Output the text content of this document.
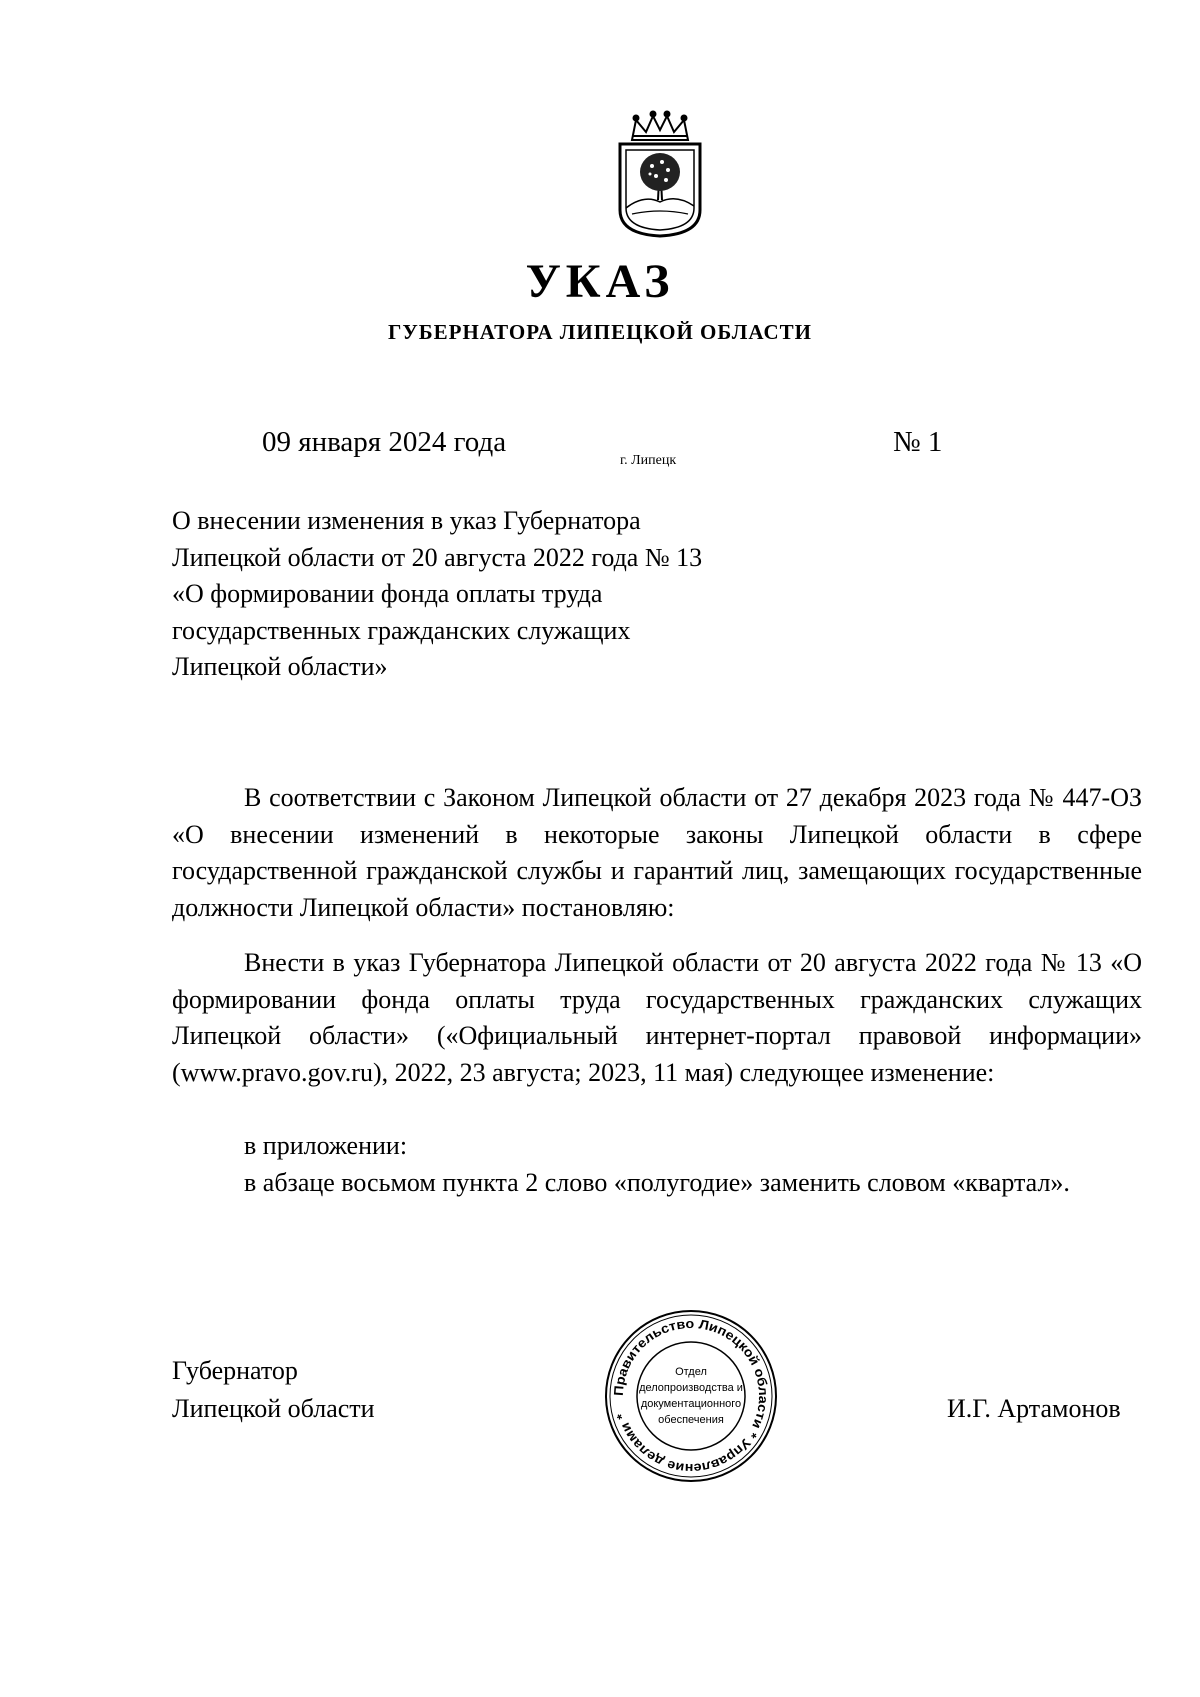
УКАЗ
ГУБЕРНАТОРА ЛИПЕЦКОЙ ОБЛАСТИ
09 января 2024 года
г. Липецк
№ 1
О внесении изменения в указ Губернатора
Липецкой области от 20 августа 2022 года № 13
«О формировании фонда оплаты труда
государственных гражданских служащих
Липецкой области»

В соответствии с Законом Липецкой области от 27 декабря 2023 года № 447-ОЗ «О внесении изменений в некоторые законы Липецкой области в сфере государственной гражданской службы и гарантий лиц, замещающих государственные должности Липецкой области» постановляю:

Внести в указ Губернатора Липецкой области от 20 августа 2022 года № 13 «О формировании фонда оплаты труда государственных гражданских служащих Липецкой области» («Официальный интернет-портал правовой информации» (www.pravo.gov.ru), 2022, 23 августа; 2023, 11 мая) следующее изменение:

в приложении:

в абзаце восьмом пункта 2 слово «полугодие» заменить словом «квартал».

Губернатор
Липецкой области	И.Г. Артамонов
Правительство Липецкой области * Управление делами *
Отдел
делопроизводства и
документационного
обеспечения
